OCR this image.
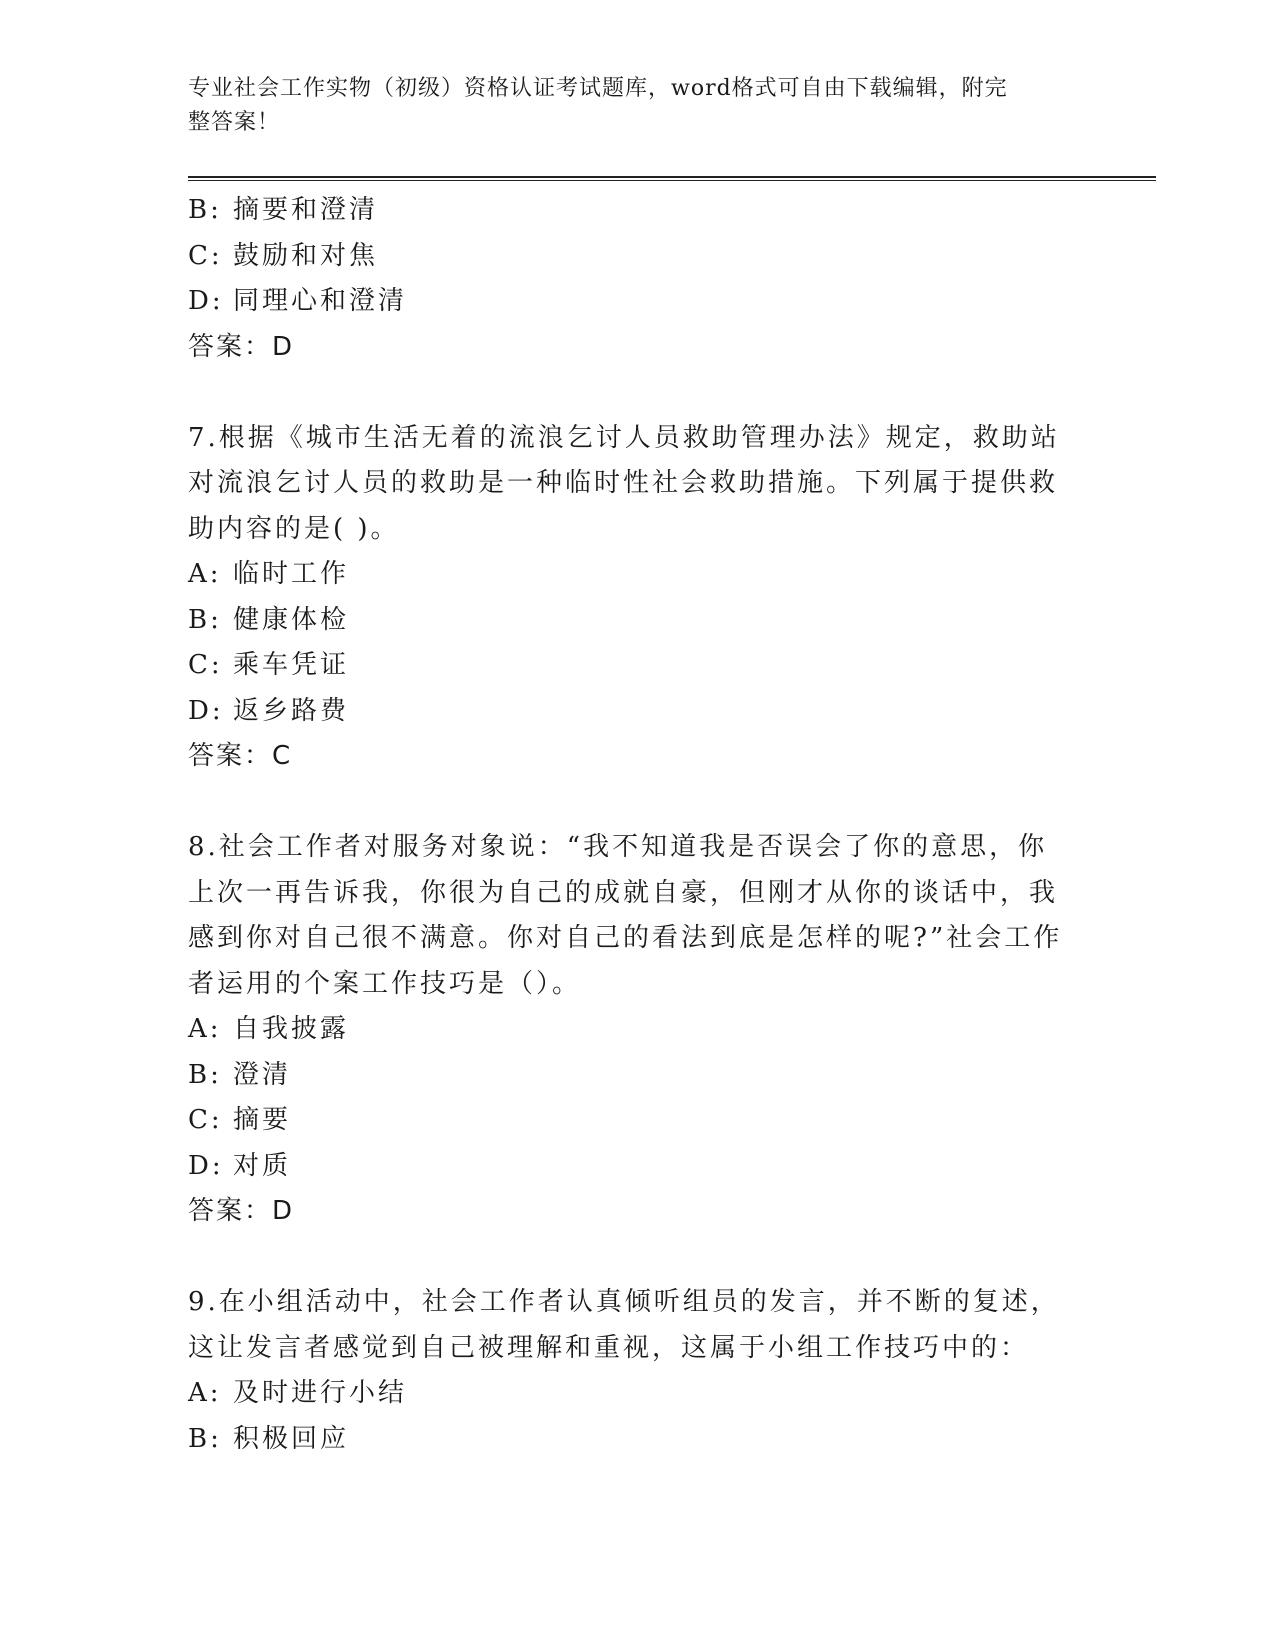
专业社会工作实物（初级）资格认证考试题库，word格式可自由下载编辑，附完
整答案！
B: 摘要和澄清
C: 鼓励和对焦
D: 同理心和澄清
答案：D
7.根据《城市生活无着的流浪乞讨人员救助管理办法》规定，救助站
对流浪乞讨人员的救助是一种临时性社会救助措施。下列属于提供救
助内容的是( )。
A: 临时工作
B: 健康体检
C: 乘车凭证
D: 返乡路费
答案：C
8.社会工作者对服务对象说：“我不知道我是否误会了你的意思，你
上次一再告诉我，你很为自己的成就自豪，但刚才从你的谈话中，我
感到你对自己很不满意。你对自己的看法到底是怎样的呢?”社会工作
者运用的个案工作技巧是（）。
A: 自我披露
B: 澄清
C: 摘要
D: 对质
答案：D
9.在小组活动中，社会工作者认真倾听组员的发言，并不断的复述，
这让发言者感觉到自己被理解和重视，这属于小组工作技巧中的：
A: 及时进行小结
B: 积极回应
